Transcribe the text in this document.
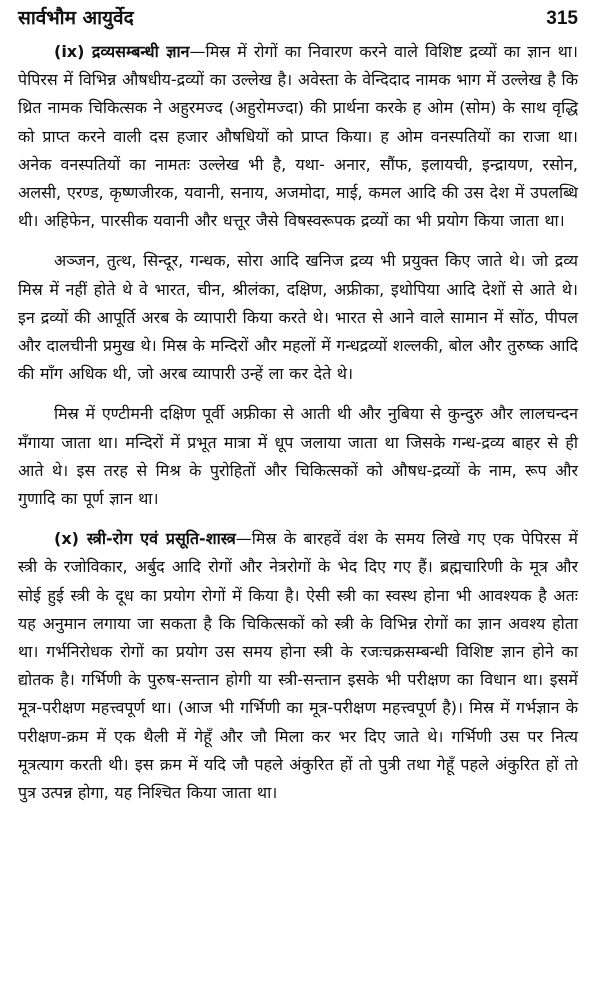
सार्वभौम आयुर्वेद	315

(ix) द्रव्यसम्बन्धी ज्ञान—मिस्र में रोगों का निवारण करने वाले विशिष्ट द्रव्यों का ज्ञान था। पेपिरस में विभिन्न औषधीय-द्रव्यों का उल्लेख है। अवेस्ता के वेन्दिदाद नामक भाग में उल्लेख है कि थ्रित नामक चिकित्सक ने अहुरमज्द (अहुरोमज्दा) की प्रार्थना करके ह ओम (सोम) के साथ वृद्धि को प्राप्त करने वाली दस हजार औषधियों को प्राप्त किया। ह ओम वनस्पतियों का राजा था। अनेक वनस्पतियों का नामतः उल्लेख भी है, यथा- अनार, सौंफ, इलायची, इन्द्रायण, रसोन, अलसी, एरण्ड, कृष्णजीरक, यवानी, सनाय, अजमोदा, माई, कमल आदि की उस देश में उपलब्धि थी। अहिफेन, पारसीक यवानी और धत्तूर जैसे विषस्वरूपक द्रव्यों का भी प्रयोग किया जाता था।

अञ्जन, तुत्थ, सिन्दूर, गन्धक, सोरा आदि खनिज द्रव्य भी प्रयुक्त किए जाते थे। जो द्रव्य मिस्र में नहीं होते थे वे भारत, चीन, श्रीलंका, दक्षिण, अफ्रीका, इथोपिया आदि देशों से आते थे। इन द्रव्यों की आपूर्ति अरब के व्यापारी किया करते थे। भारत से आने वाले सामान में सोंठ, पीपल और दालचीनी प्रमुख थे। मिस्र के मन्दिरों और महलों में गन्धद्रव्यों शल्लकी, बोल और तुरुष्क आदि की माँग अधिक थी, जो अरब व्यापारी उन्हें ला कर देते थे।

मिस्र में एण्टीमनी दक्षिण पूर्वी अफ्रीका से आती थी और नुबिया से कुन्दुरु और लालचन्दन मँगाया जाता था। मन्दिरों में प्रभूत मात्रा में धूप जलाया जाता था जिसके गन्ध-द्रव्य बाहर से ही आते थे। इस तरह से मिश्र के पुरोहितों और चिकित्सकों को औषध-द्रव्यों के नाम, रूप और गुणादि का पूर्ण ज्ञान था।

(x) स्त्री-रोग एवं प्रसूति-शास्त्र—मिस्र के बारहवें वंश के समय लिखे गए एक पेपिरस में स्त्री के रजोविकार, अर्बुद आदि रोगों और नेत्ररोगों के भेद दिए गए हैं। ब्रह्मचारिणी के मूत्र और सोई हुई स्त्री के दूध का प्रयोग रोगों में किया है। ऐसी स्त्री का स्वस्थ होना भी आवश्यक है अतः यह अनुमान लगाया जा सकता है कि चिकित्सकों को स्त्री के विभिन्न रोगों का ज्ञान अवश्य होता था। गर्भनिरोधक रोगों का प्रयोग उस समय होना स्त्री के रजःचक्रसम्बन्धी विशिष्ट ज्ञान होने का द्योतक है। गर्भिणी के पुरुष-सन्तान होगी या स्त्री-सन्तान इसके भी परीक्षण का विधान था। इसमें मूत्र-परीक्षण महत्त्वपूर्ण था। (आज भी गर्भिणी का मूत्र-परीक्षण महत्त्वपूर्ण है)। मिस्र में गर्भज्ञान के परीक्षण-क्रम में एक थैली में गेहूँ और जौ मिला कर भर दिए जाते थे। गर्भिणी उस पर नित्य मूत्रत्याग करती थी। इस क्रम में यदि जौ पहले अंकुरित हों तो पुत्री तथा गेहूँ पहले अंकुरित हों तो पुत्र उत्पन्न होगा, यह निश्चित किया जाता था।
